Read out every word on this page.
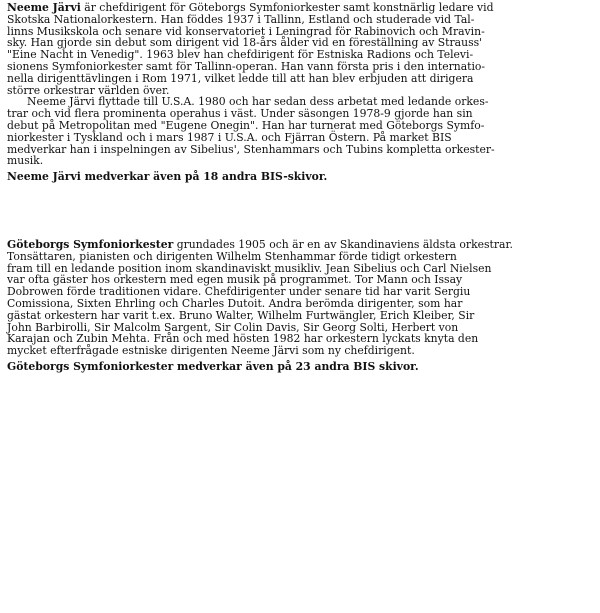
Neeme Järvi är chefdirigent för Göteborgs Symfoniorkester samt konstnärlig ledare vid
Skotska Nationalorkestern. Han föddes 1937 i Tallinn, Estland och studerade vid Tal-
linns Musikskola och senare vid konservatoriet i Leningrad för Rabinovich och Mravin-
sky. Han gjorde sin debut som dirigent vid 18-års ålder vid en föreställning av Strauss'
"Eine Nacht in Venedig". 1963 blev han chefdirigent för Estniska Radions och Televi-
sionens Symfoniorkester samt för Tallinn-operan. Han vann första pris i den internatio-
nella dirigenttävlingen i Rom 1971, vilket ledde till att han blev erbjuden att dirigera
större orkestrar världen över.
Neeme Järvi flyttade till U.S.A. 1980 och har sedan dess arbetat med ledande orkes-
trar och vid flera prominenta operahus i väst. Under säsongen 1978-9 gjorde han sin
debut på Metropolitan med "Eugene Onegin". Han har turnerat med Göteborgs Symfo-
niorkester i Tyskland och i mars 1987 i U.S.A. och Fjärran Östern. På market BIS
medverkar han i inspelningen av Sibelius', Stenhammars och Tubins kompletta orkester-
musik.
Neeme Järvi medverkar även på 18 andra BIS-skivor.
Göteborgs Symfoniorkester grundades 1905 och är en av Skandinaviens äldsta orkestrar.
Tonsättaren, pianisten och dirigenten Wilhelm Stenhammar förde tidigt orkestern
fram till en ledande position inom skandinaviskt musikliv. Jean Sibelius och Carl Nielsen
var ofta gäster hos orkestern med egen musik på programmet. Tor Mann och Issay
Dobrowen förde traditionen vidare. Chefdirigenter under senare tid har varit Sergiu
Comissiona, Sixten Ehrling och Charles Dutoit. Andra berömda dirigenter, som har
gästat orkestern har varit t.ex. Bruno Walter, Wilhelm Furtwängler, Erich Kleiber, Sir
John Barbirolli, Sir Malcolm Sargent, Sir Colin Davis, Sir Georg Solti, Herbert von
Karajan och Zubin Mehta. Från och med hösten 1982 har orkestern lyckats knyta den
mycket efterfrågade estniske dirigenten Neeme Järvi som ny chefdirigent.
Göteborgs Symfoniorkester medverkar även på 23 andra BIS skivor.
